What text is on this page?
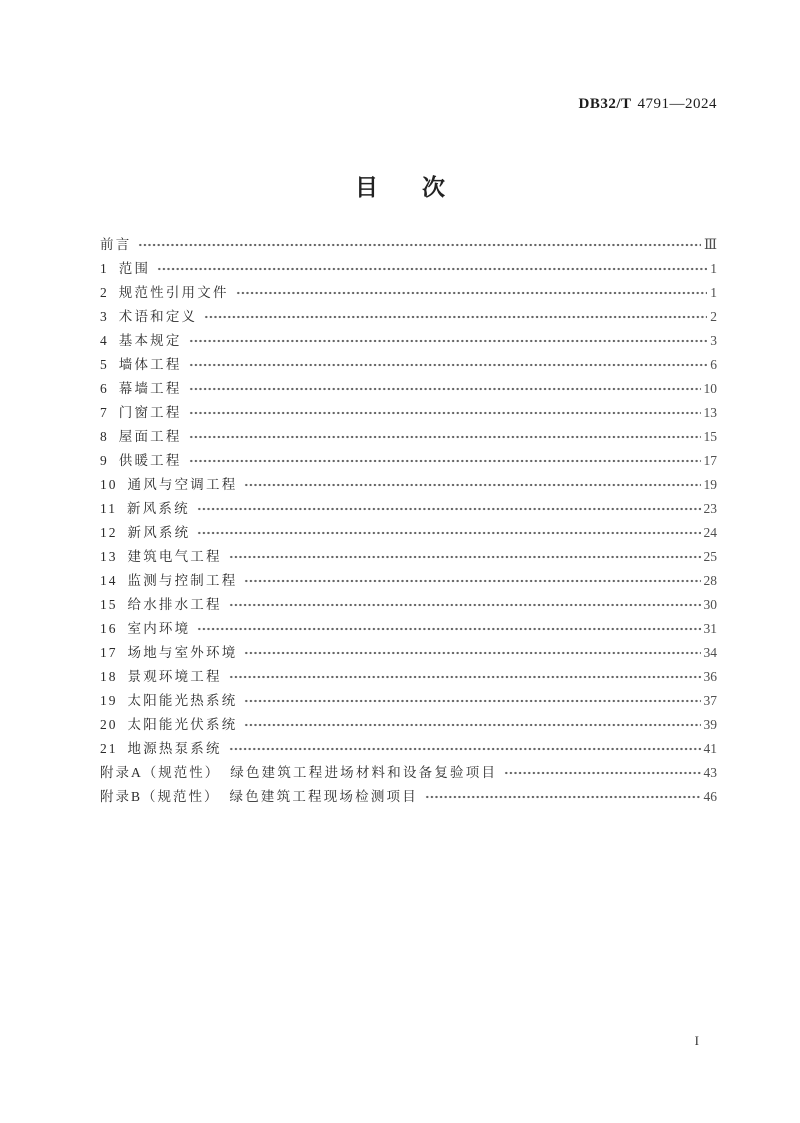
DB32/T 4791—2024
目 次
前言	Ⅲ
1 范围	1
2 规范性引用文件	1
3 术语和定义	2
4 基本规定	3
5 墙体工程	6
6 幕墙工程	10
7 门窗工程	13
8 屋面工程	15
9 供暖工程	17
10 通风与空调工程	19
11 新风系统	23
12 新风系统	24
13 建筑电气工程	25
14 监测与控制工程	28
15 给水排水工程	30
16 室内环境	31
17 场地与室外环境	34
18 景观环境工程	36
19 太阳能光热系统	37
20 太阳能光伏系统	39
21 地源热泵系统	41
附录A（规范性） 绿色建筑工程进场材料和设备复验项目	43
附录B（规范性） 绿色建筑工程现场检测项目	46
I
